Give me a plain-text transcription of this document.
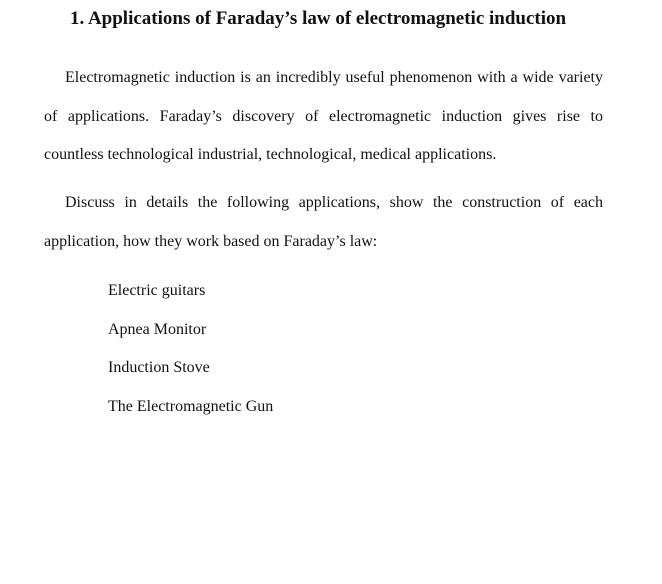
1. Applications of Faraday’s law of electromagnetic induction

Electromagnetic induction is an incredibly useful phenomenon with a wide variety of applications. Faraday’s discovery of electromagnetic induction gives rise to countless technological industrial, technological, medical applications.

Discuss in details the following applications, show the construction of each application, how they work based on Faraday’s law:

Electric guitars
Apnea Monitor
Induction Stove
The Electromagnetic Gun
